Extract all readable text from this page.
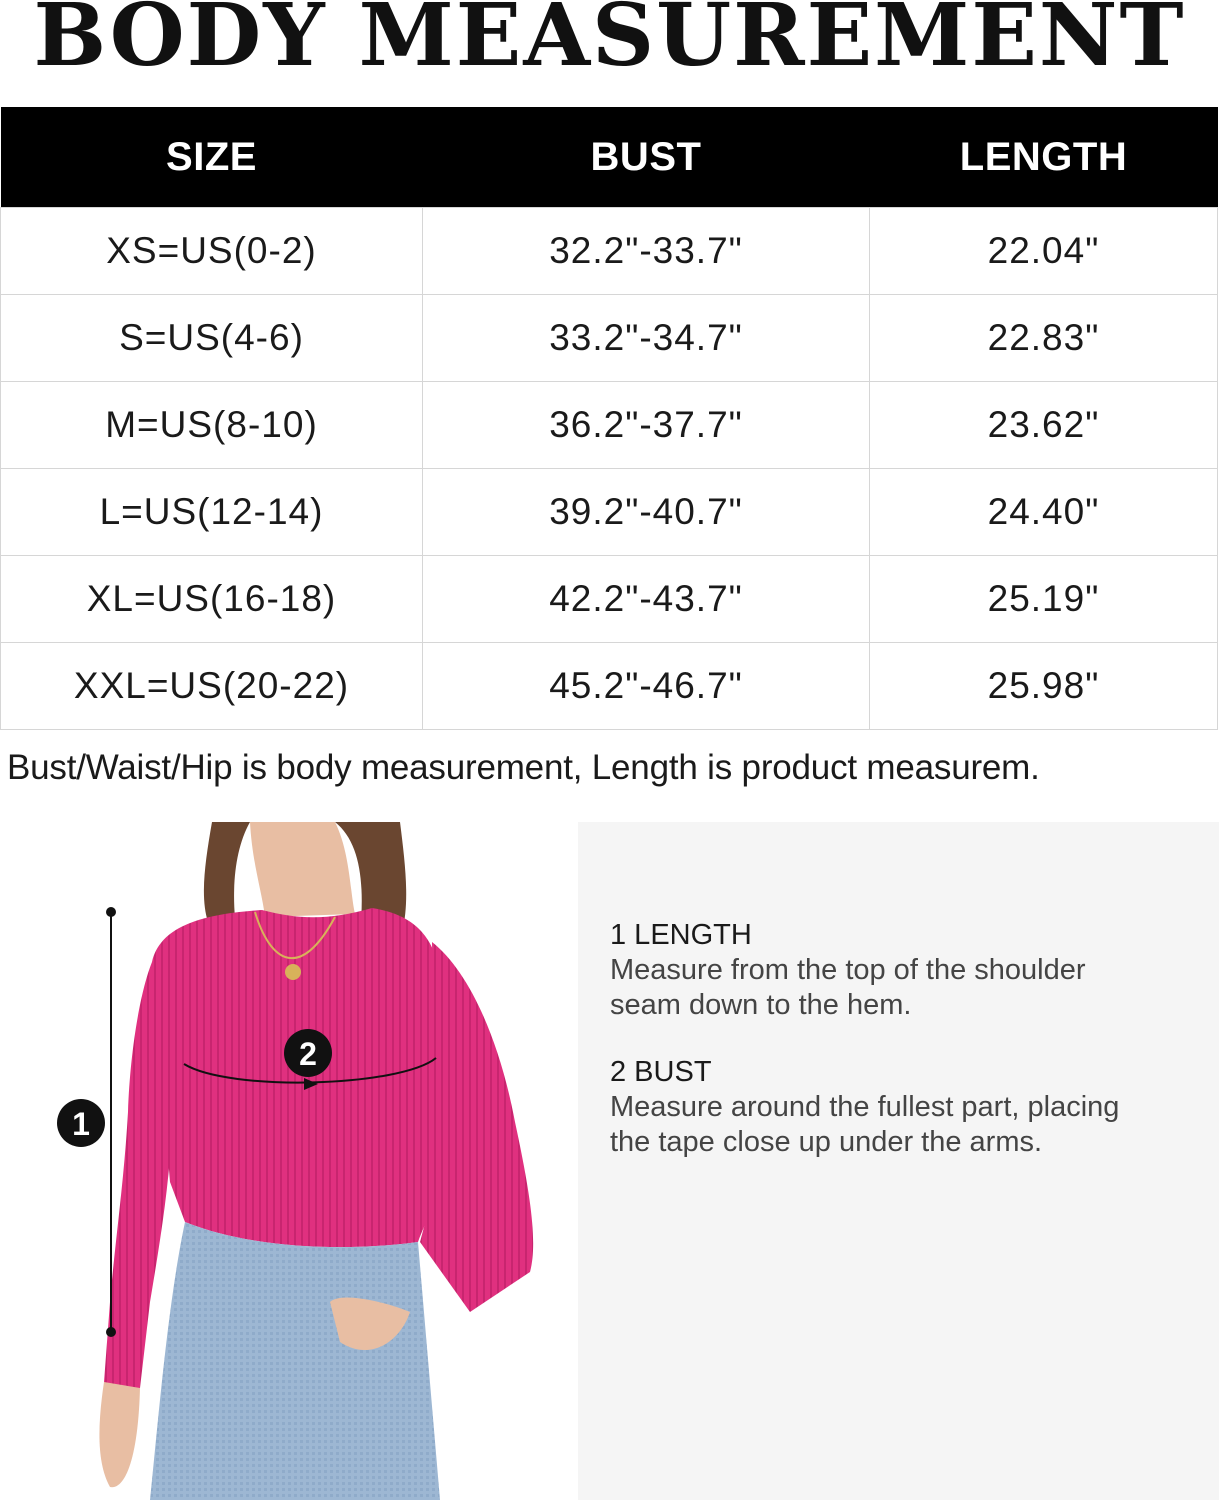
BODY MEASUREMENT
SIZE	BUST	LENGTH
XS=US(0-2)	32.2"-33.7"	22.04"
S=US(4-6)	33.2"-34.7"	22.83"
M=US(8-10)	36.2"-37.7"	23.62"
L=US(12-14)	39.2"-40.7"	24.40"
XL=US(16-18)	42.2"-43.7"	25.19"
XXL=US(20-22)	45.2"-46.7"	25.98"
Bust/Waist/Hip is body measurement, Length is product measurem.
1
2
1 LENGTH
Measure from the top of the shoulder
seam down to the hem.
2 BUST
Measure around the fullest part, placing
the tape close up under the arms.
